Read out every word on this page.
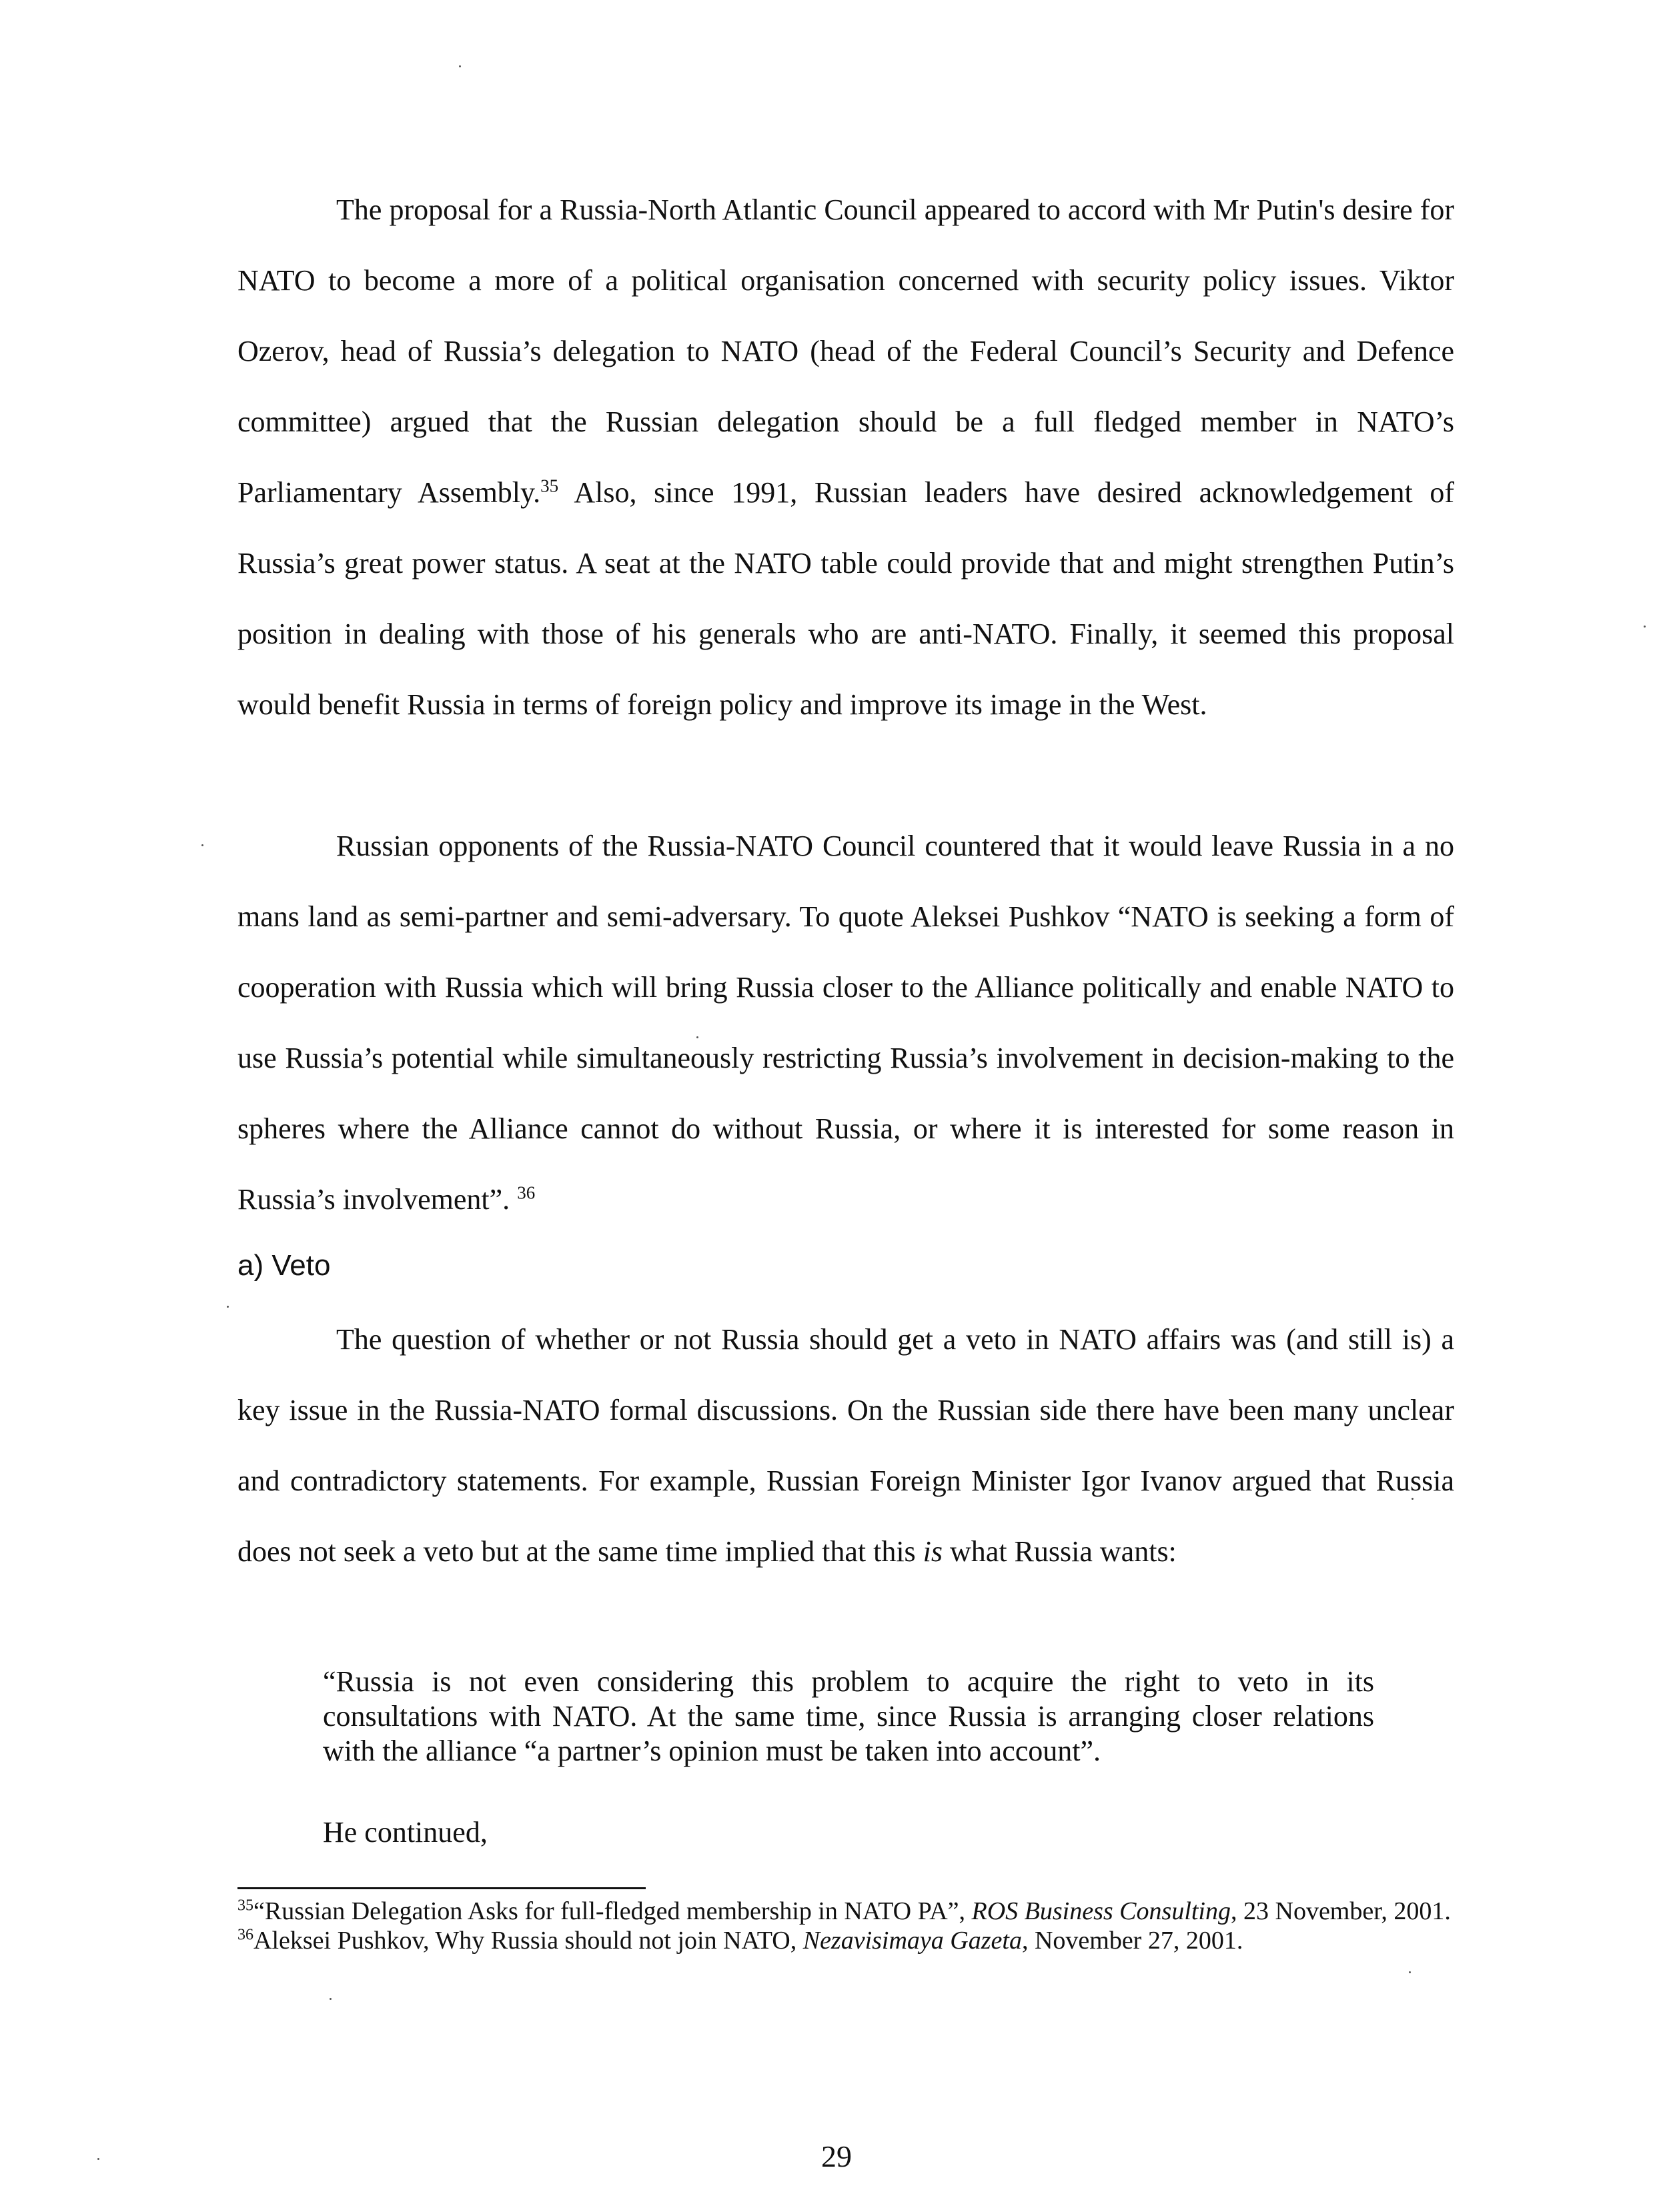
The proposal for a Russia-North Atlantic Council appeared to accord with Mr Putin's desire for NATO to become a more of a political organisation concerned with security policy issues. Viktor Ozerov, head of Russia’s delegation to NATO (head of the Federal Council’s Security and Defence committee) argued that the Russian delegation should be a full fledged member in NATO’s Parliamentary Assembly.$^{35}$ Also, since 1991, Russian leaders have desired acknowledgement of Russia’s great power status. A seat at the NATO table could provide that and might strengthen Putin’s position in dealing with those of his generals who are anti-NATO. Finally, it seemed this proposal would benefit Russia in terms of foreign policy and improve its image in the West.

Russian opponents of the Russia-NATO Council countered that it would leave Russia in a no mans land as semi-partner and semi-adversary. To quote Aleksei Pushkov “NATO is seeking a form of cooperation with Russia which will bring Russia closer to the Alliance politically and enable NATO to use Russia’s potential while simultaneously restricting Russia’s involvement in decision-making to the spheres where the Alliance cannot do without Russia, or where it is interested for some reason in Russia’s involvement”. $^{36}$

a) Veto

The question of whether or not Russia should get a veto in NATO affairs was (and still is) a key issue in the Russia-NATO formal discussions. On the Russian side there have been many unclear and contradictory statements. For example, Russian Foreign Minister Igor Ivanov argued that Russia does not seek a veto but at the same time implied that this is what Russia wants:

“Russia is not even considering this problem to acquire the right to veto in its consultations with NATO. At the same time, since Russia is arranging closer relations with the alliance “a partner’s opinion must be taken into account”.

He continued,

$^{35}$“Russian Delegation Asks for full-fledged membership in NATO PA”, ROS Business Consulting, 23 November, 2001.

$^{36}$Aleksei Pushkov, Why Russia should not join NATO, Nezavisimaya Gazeta, November 27, 2001.

29
